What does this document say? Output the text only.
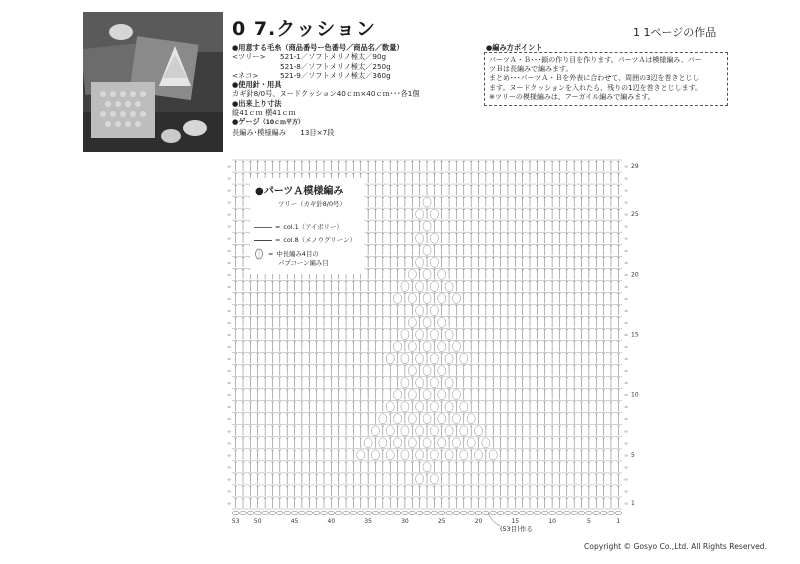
0 7.クッション	1 1ページの作品
●用意する毛糸（商品番号ー色番号／商品名／数量）
<ツリー> 521-1／ソフトメリノ極太／90g
521-8／ソフトメリノ極太／250g
<ネコ>	521-9／ソフトメリノ極太／360g
●使用針・用具
カギ針8/0号、ヌードクッション40ｃｍ×40ｃｍ･･･各1個
●出来上り寸法
縦41ｃｍ 横41ｃｍ
●ゲージ（10ｃｍ平方）
長編み･模様編み　　13目×7段
●編み方ポイント
パーツＡ・Ｂ･･･鎖の作り目を作ります。パーツＡは模様編み、パー
ツＢは長編みで編みます。
まとめ･･･パーツＡ・Ｂを外表に合わせて、周囲の3辺を巻きとじし
ます。ヌードクッションを入れたら、残りの1辺を巻きとじします。
※ツリーの模様編みは、アーガイル編みで編みます。
∞	∞
∞	∞
∞	∞
∞	∞
∞	∞
∞	∞
∞	∞
∞	∞
∞	∞
∞	∞
∞	∞
∞	∞
∞	∞
∞	∞
∞	∞
∞	∞
∞	∞
∞	∞
∞	∞
∞	∞
∞	∞
∞	∞
∞	∞
∞	∞
∞	∞
∞	∞
∞	∞
∞	∞
∞	∞
1
5
10
15
20
25
29
53 50	45	40	35	30	25	20	15	10	5	1
●パーツＡ模様編み
ツリー（カギ針8/0号）
= col.1（アイボリー）
= col.8（メノウグリーン）
= 中長編み4目の
パプコーン編み目
(53目)作る
Copyright © Gosyo Co.,Ltd. All Rights Reserved.
